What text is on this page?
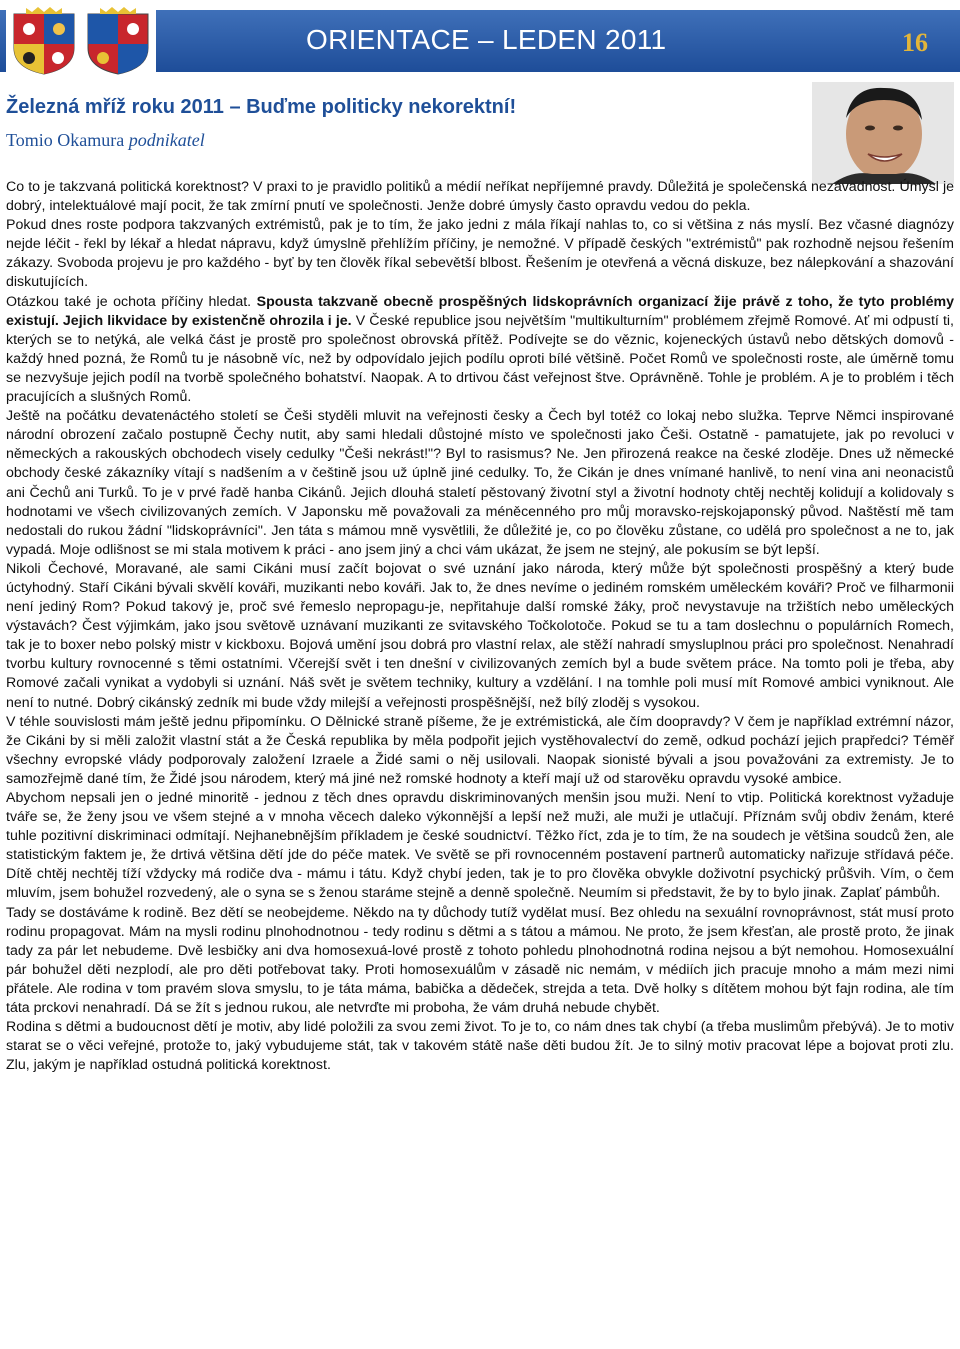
ORIENTACE – LEDEN 2011	16
Železná mříž roku 2011 – Buďme politicky nekorektní!
Tomio Okamura podnikatel

Co to je takzvaná politická korektnost? V praxi to je pravidlo politiků a médií neříkat nepříjemné pravdy. Důležitá je společenská nezávadnost. Úmysl je dobrý, intelektuálové mají pocit, že tak zmírní pnutí ve společnosti. Jenže dobré úmysly často opravdu vedou do pekla.

Pokud dnes roste podpora takzvaných extrémistů, pak je to tím, že jako jedni z mála říkají nahlas to, co si většina z nás myslí. Bez včasné diagnózy nejde léčit - řekl by lékař a hledat nápravu, když úmyslně přehlížím příčiny, je nemožné. V případě českých "extrémistů" pak rozhodně nejsou řešením zákazy. Svoboda projevu je pro každého - byť by ten člověk říkal sebevětší blbost. Řešením je otevřená a věcná diskuze, bez nálepkování a shazování diskutujících.

Otázkou také je ochota příčiny hledat. Spousta takzvaně obecně prospěšných lidskoprávních organizací žije právě z toho, že tyto problémy existují. Jejich likvidace by existenčně ohrozila i je. V České republice jsou největším "multikulturním" problémem zřejmě Romové. Ať mi odpustí ti, kterých se to netýká, ale velká část je prostě pro společnost obrovská přítěž. Podívejte se do věznic, kojeneckých ústavů nebo dětských domovů - každý hned pozná, že Romů tu je násobně víc, než by odpovídalo jejich podílu oproti bílé většině. Počet Romů ve společnosti roste, ale úměrně tomu se nezvyšuje jejich podíl na tvorbě společného bohatství. Naopak. A to drtivou část veřejnost štve. Oprávněně. Tohle je problém. A je to problém i těch pracujících a slušných Romů.

Ještě na počátku devatenáctého století se Češi styděli mluvit na veřejnosti česky a Čech byl totéž co lokaj nebo služka. Teprve Němci inspirované národní obrození začalo postupně Čechy nutit, aby sami hledali důstojné místo ve společnosti jako Češi. Ostatně - pamatujete, jak po revoluci v německých a rakouských obchodech visely cedulky "Češi nekrást!"? Byl to rasismus? Ne. Jen přirozená reakce na české zloděje. Dnes už německé obchody české zákazníky vítají s nadšením a v češtině jsou už úplně jiné cedulky. To, že Cikán je dnes vnímané hanlivě, to není vina ani neonacistů ani Čechů ani Turků. To je v prvé řadě hanba Cikánů. Jejich dlouhá staletí pěstovaný životní styl a životní hodnoty chtěj nechtěj kolidují a kolidovaly s hodnotami ve všech civilizovaných zemích. V Japonsku mě považovali za méněcenného pro můj moravsko-rejskojaponský původ. Naštěstí mě tam nedostali do rukou žádní "lidskoprávníci". Jen táta s mámou mně vysvětlili, že důležité je, co po člověku zůstane, co udělá pro společnost a ne to, jak vypadá. Moje odlišnost se mi stala motivem k práci - ano jsem jiný a chci vám ukázat, že jsem ne stejný, ale pokusím se být lepší.

Nikoli Čechové, Moravané, ale sami Cikáni musí začít bojovat o své uznání jako národa, který může být společnosti prospěšný a který bude úctyhodný. Staří Cikáni bývali skvělí kováři, muzikanti nebo kováři. Jak to, že dnes nevíme o jediném romském uměleckém kováři? Proč ve filharmonii není jediný Rom? Pokud takový je, proč své řemeslo nepropagu-je, nepřitahuje další romské žáky, proč nevystavuje na tržištích nebo uměleckých výstavách? Čest výjimkám, jako jsou světově uznávaní muzikanti ze svitavského Točkolotoče. Pokud se tu a tam doslechnu o populárních Romech, tak je to boxer nebo polský mistr v kickboxu. Bojová umění jsou dobrá pro vlastní relax, ale stěží nahradí smysluplnou práci pro společnost. Nenahradí tvorbu kultury rovnocenné s těmi ostatními. Včerejší svět i ten dnešní v civilizovaných zemích byl a bude světem práce. Na tomto poli je třeba, aby Romové začali vynikat a vydobyli si uznání. Náš svět je světem techniky, kultury a vzdělání. I na tomhle poli musí mít Romové ambici vyniknout. Ale není to nutné. Dobrý cikánský zedník mi bude vždy milejší a veřejnosti prospěšnější, než bílý zloděj s vysokou.

V téhle souvislosti mám ještě jednu připomínku. O Dělnické straně píšeme, že je extrémistická, ale čím doopravdy? V čem je například extrémní názor, že Cikáni by si měli založit vlastní stát a že Česká republika by měla podpořit jejich vystěhovalectví do země, odkud pochází jejich prapředci? Téměř všechny evropské vlády podporovaly založení Izraele a Židé sami o něj usilovali. Naopak sionisté bývali a jsou považováni za extremisty. Je to samozřejmě dané tím, že Židé jsou národem, který má jiné než romské hodnoty a kteří mají už od starověku opravdu vysoké ambice.

Abychom nepsali jen o jedné minoritě - jednou z těch dnes opravdu diskriminovaných menšin jsou muži. Není to vtip. Politická korektnost vyžaduje tváře se, že ženy jsou ve všem stejné a v mnoha věcech daleko výkonnější a lepší než muži, ale muži je utlačují. Příznám svůj obdiv ženám, které tuhle pozitivní diskriminaci odmítají. Nejhanebnějším příkladem je české soudnictví. Těžko říct, zda je to tím, že na soudech je většina soudců žen, ale statistickým faktem je, že drtivá většina dětí jde do péče matek. Ve světě se při rovnocenném postavení partnerů automaticky nařizuje střídavá péče. Dítě chtěj nechtěj tíží vždycky má rodiče dva - mámu i tátu. Když chybí jeden, tak je to pro člověka obvykle doživotní psychický průšvih. Vím, o čem mluvím, jsem bohužel rozvedený, ale o syna se s ženou staráme stejně a denně společně. Neumím si představit, že by to bylo jinak. Zaplať pámbůh.

Tady se dostáváme k rodině. Bez dětí se neobejdeme. Někdo na ty důchody tutíž vydělat musí. Bez ohledu na sexuální rovnoprávnost, stát musí proto rodinu propagovat. Mám na mysli rodinu plnohodnotnou - tedy rodinu s dětmi a s tátou a mámou. Ne proto, že jsem křesťan, ale prostě proto, že jinak tady za pár let nebudeme. Dvě lesbičky ani dva homosexuá-lové prostě z tohoto pohledu plnohodnotná rodina nejsou a být nemohou. Homosexuální pár bohužel děti nezplodí, ale pro děti potřebovat taky. Proti homosexuálům v zásadě nic nemám, v médiích jich pracuje mnoho a mám mezi nimi přátele. Ale rodina v tom pravém slova smyslu, to je táta máma, babička a dědeček, strejda a teta. Dvě holky s dítětem mohou být fajn rodina, ale tím táta prckovi nenahradí. Dá se žít s jednou rukou, ale netvrďte mi proboha, že vám druhá nebude chybět.

Rodina s dětmi a budoucnost dětí je motiv, aby lidé položili za svou zemi život. To je to, co nám dnes tak chybí (a třeba muslimům přebývá). Je to motiv starat se o věci veřejné, protože to, jaký vybudujeme stát, tak v takovém státě naše děti budou žít. Je to silný motiv pracovat lépe a bojovat proti zlu. Zlu, jakým je například ostudná politická korektnost.
